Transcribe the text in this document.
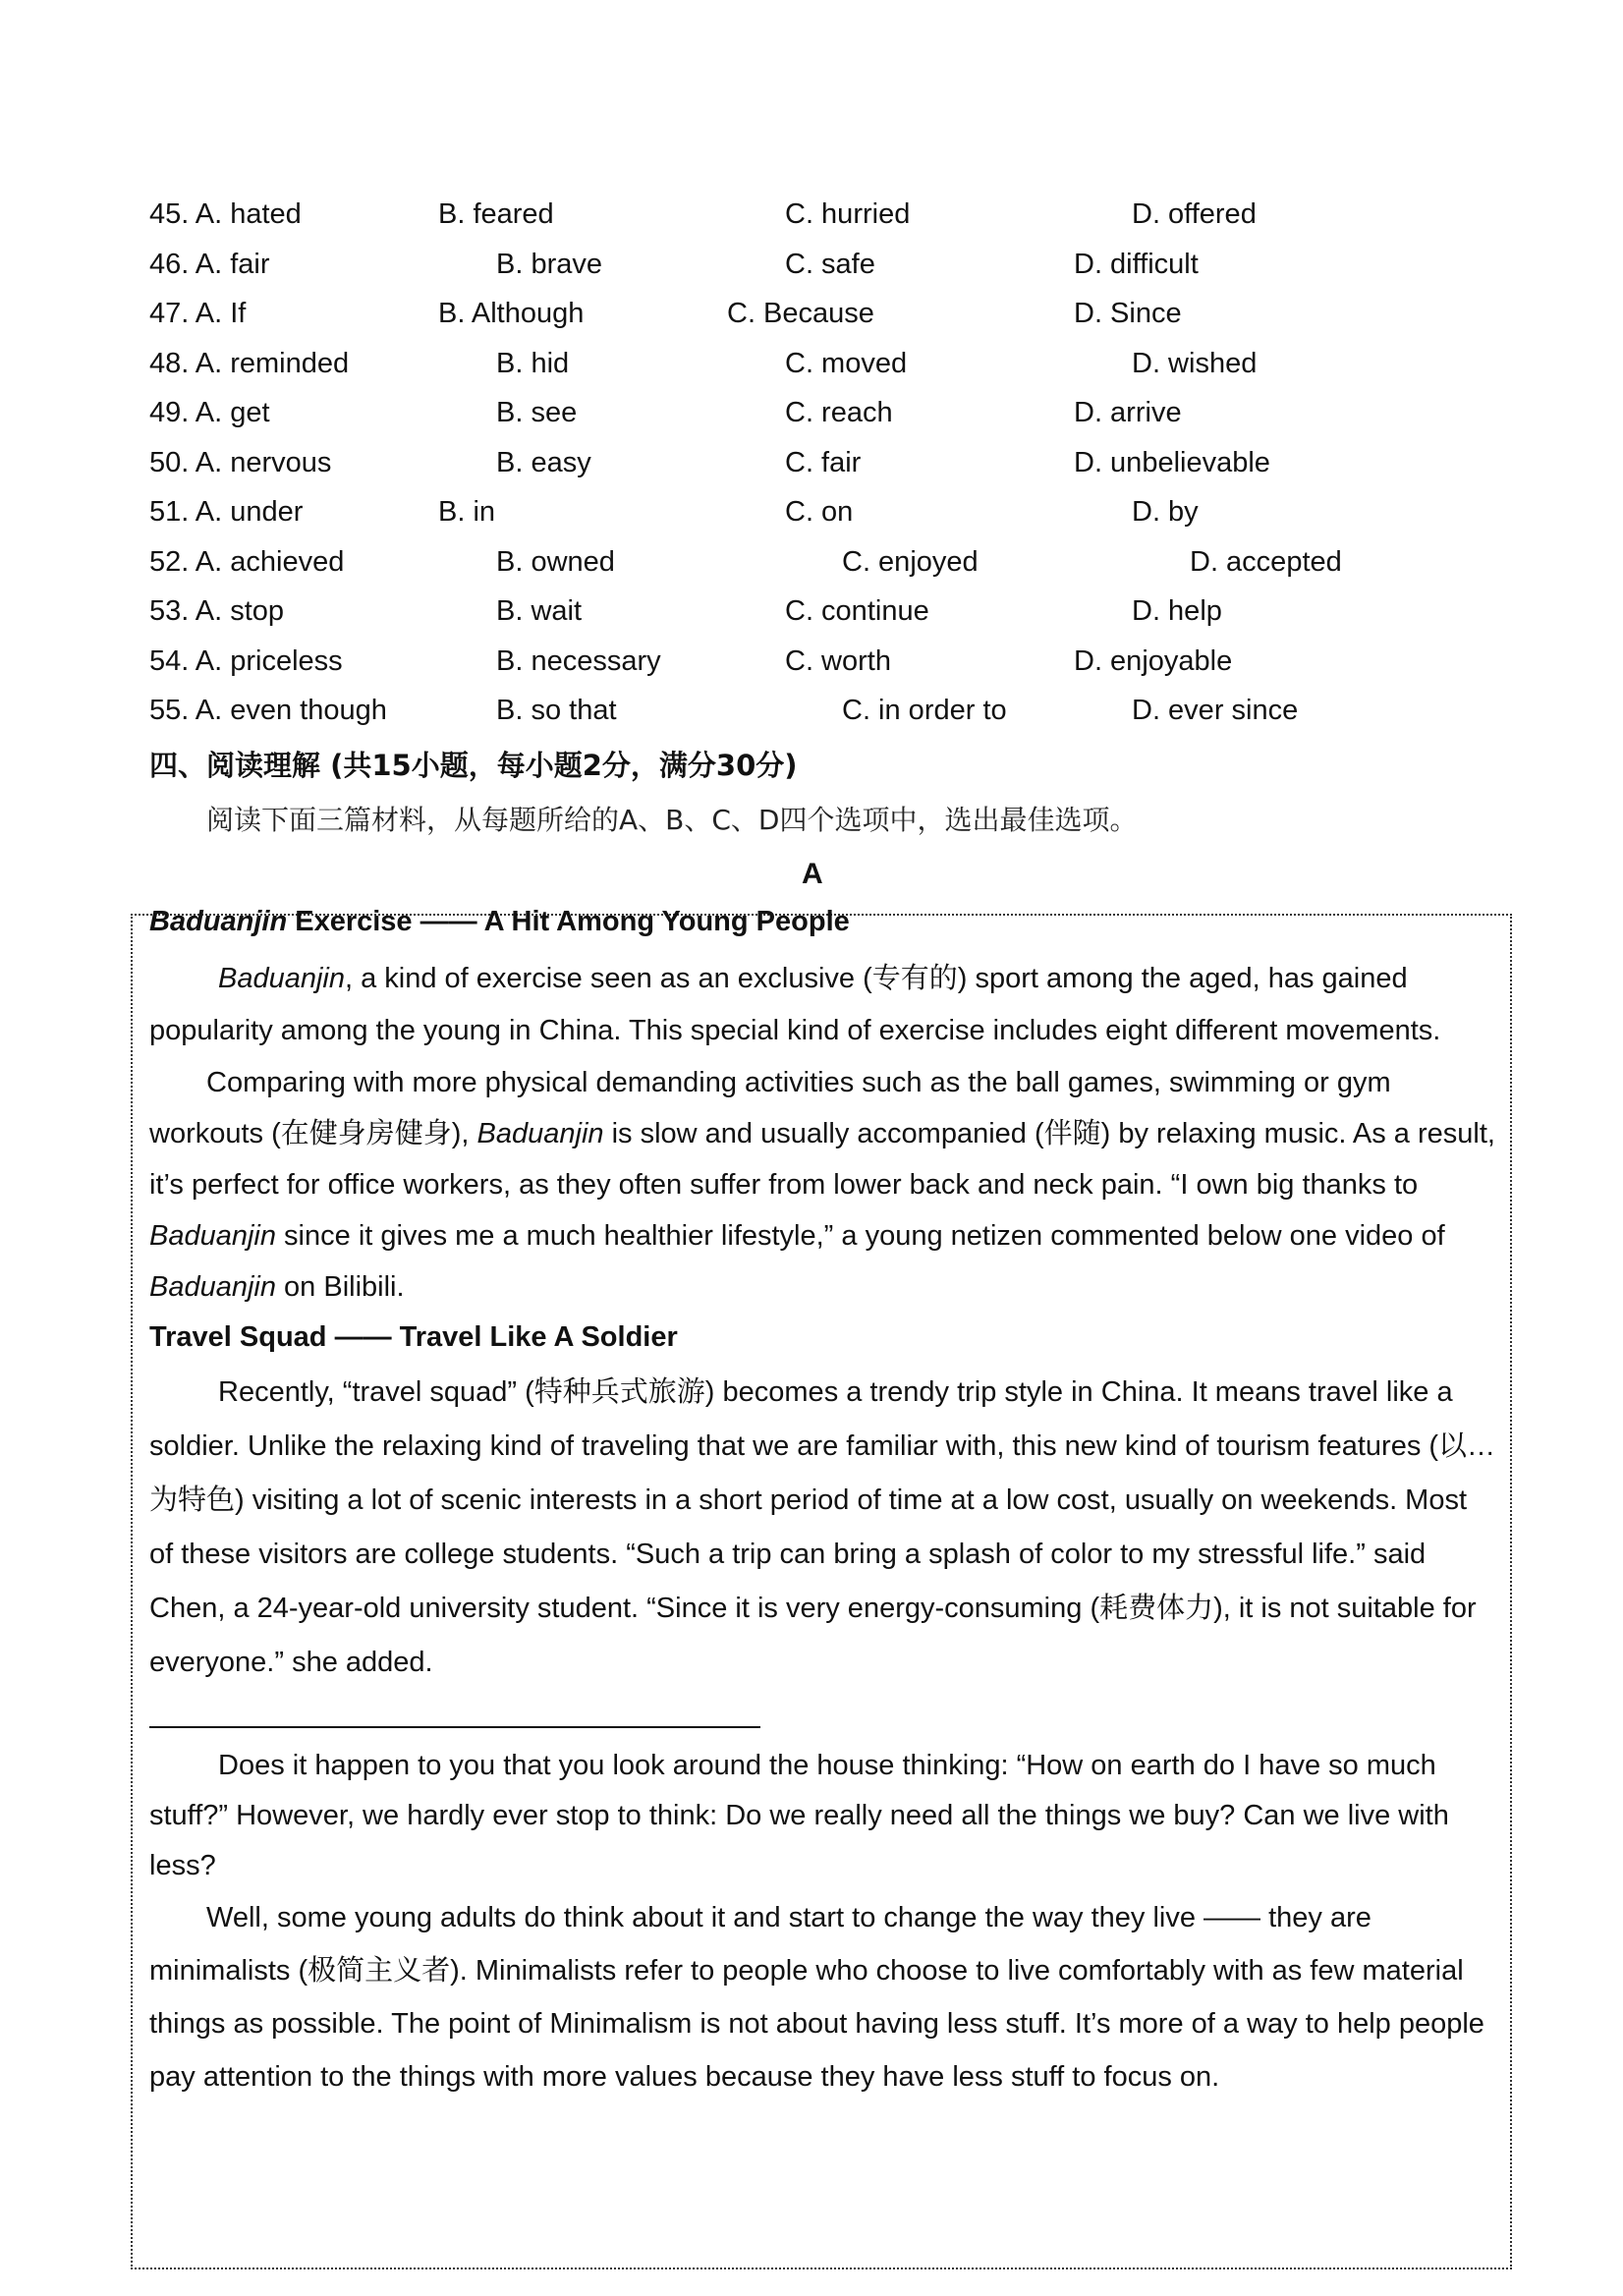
45. A. hated	B. feared	C. hurried	D. offered
46. A. fair	B. brave	C. safe	D. difficult
47. A. If	B. Although	C. Because	D. Since
48. A. reminded	B. hid	C. moved	D. wished
49. A. get	B. see	C. reach	D. arrive
50. A. nervous	B. easy	C. fair	D. unbelievable
51. A. under	B. in	C. on	D. by
52. A. achieved	B. owned	C. enjoyed	D. accepted
53. A. stop	B. wait	C. continue	D. help
54. A. priceless	B. necessary	C. worth	D. enjoyable
55. A. even though	B. so that	C. in order to	D. ever since
四、阅读理解 (共15小题，每小题2分，满分30分)
阅读下面三篇材料，从每题所给的A、B、C、D四个选项中，选出最佳选项。
A
Baduanjin Exercise —— A Hit Among Young People

Baduanjin, a kind of exercise seen as an exclusive (专有的) sport among the aged, has gained popularity among the young in China. This special kind of exercise includes eight different movements.

Comparing with more physical demanding activities such as the ball games, swimming or gym workouts (在健身房健身), Baduanjin is slow and usually accompanied (伴随) by relaxing music. As a result, it’s perfect for office workers, as they often suffer from lower back and neck pain. “I own big thanks to Baduanjin since it gives me a much healthier lifestyle,” a young netizen commented below one video of Baduanjin on Bilibili.

Travel Squad —— Travel Like A Soldier

Recently, “travel squad” (特种兵式旅游) becomes a trendy trip style in China. It means travel like a soldier. Unlike the relaxing kind of traveling that we are familiar with, this new kind of tourism features (以…为特色) visiting a lot of scenic interests in a short period of time at a low cost, usually on weekends. Most of these visitors are college students. “Such a trip can bring a splash of color to my stressful life.” said Chen, a 24-year-old university student. “Since it is very energy-consuming (耗费体力), it is not suitable for everyone.” she added.

Does it happen to you that you look around the house thinking: “How on earth do I have so much stuff?” However, we hardly ever stop to think: Do we really need all the things we buy? Can we live with less?

Well, some young adults do think about it and start to change the way they live —— they are minimalists (极简主义者). Minimalists refer to people who choose to live comfortably with as few material things as possible. The point of Minimalism is not about having less stuff. It’s more of a way to help people pay attention to the things with more values because they have less stuff to focus on.
